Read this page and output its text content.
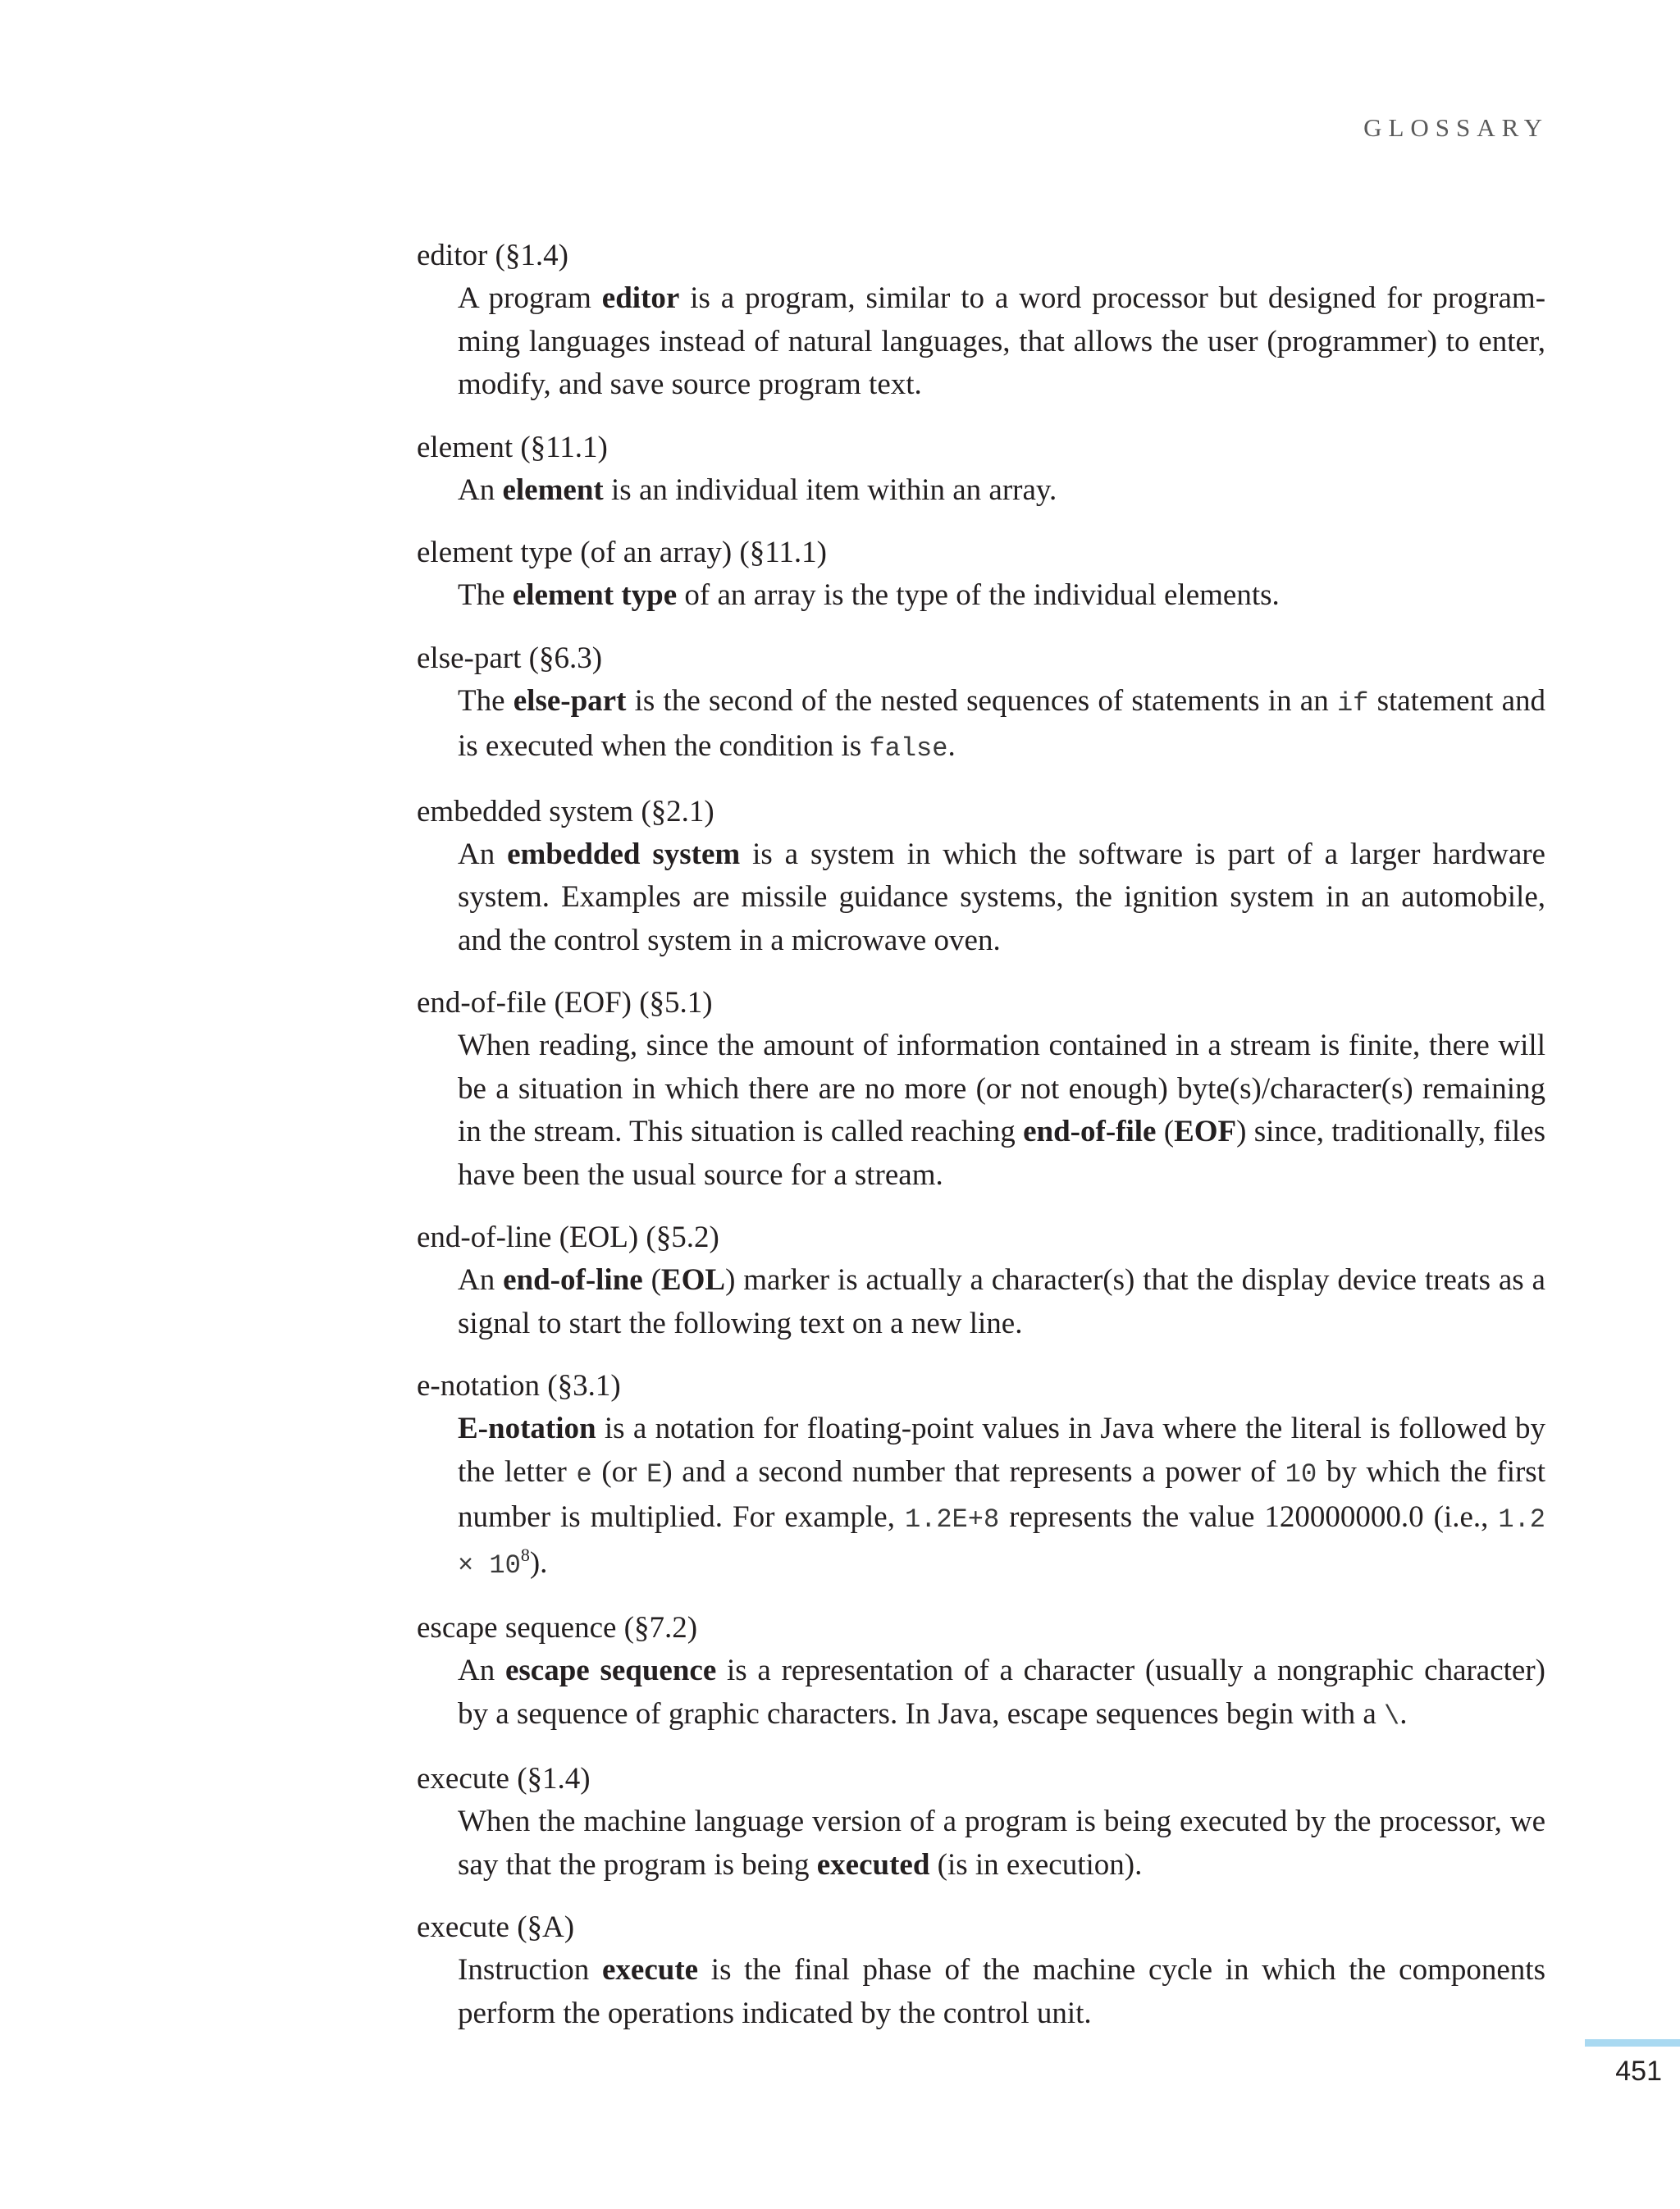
GLOSSARY
editor (§1.4)
A program editor is a program, similar to a word processor but designed for programming languages instead of natural languages, that allows the user (programmer) to enter, modify, and save source program text.
element (§11.1)
An element is an individual item within an array.
element type (of an array) (§11.1)
The element type of an array is the type of the individual elements.
else-part (§6.3)
The else-part is the second of the nested sequences of statements in an if statement and is executed when the condition is false.
embedded system (§2.1)
An embedded system is a system in which the software is part of a larger hardware system. Examples are missile guidance systems, the ignition system in an automobile, and the control system in a microwave oven.
end-of-file (EOF) (§5.1)
When reading, since the amount of information contained in a stream is finite, there will be a situation in which there are no more (or not enough) byte(s)/character(s) remaining in the stream. This situation is called reaching end-of-file (EOF) since, traditionally, files have been the usual source for a stream.
end-of-line (EOL) (§5.2)
An end-of-line (EOL) marker is actually a character(s) that the display device treats as a signal to start the following text on a new line.
e-notation (§3.1)
E-notation is a notation for floating-point values in Java where the literal is followed by the letter e (or E) and a second number that represents a power of 10 by which the first number is multiplied. For example, 1.2E+8 represents the value 120000000.0 (i.e., $1.2 \times 10^8$).
escape sequence (§7.2)
An escape sequence is a representation of a character (usually a nongraphic character) by a sequence of graphic characters. In Java, escape sequences begin with a \.
execute (§1.4)
When the machine language version of a program is being executed by the processor, we say that the program is being executed (is in execution).
execute (§A)
Instruction execute is the final phase of the machine cycle in which the components perform the operations indicated by the control unit.
451
